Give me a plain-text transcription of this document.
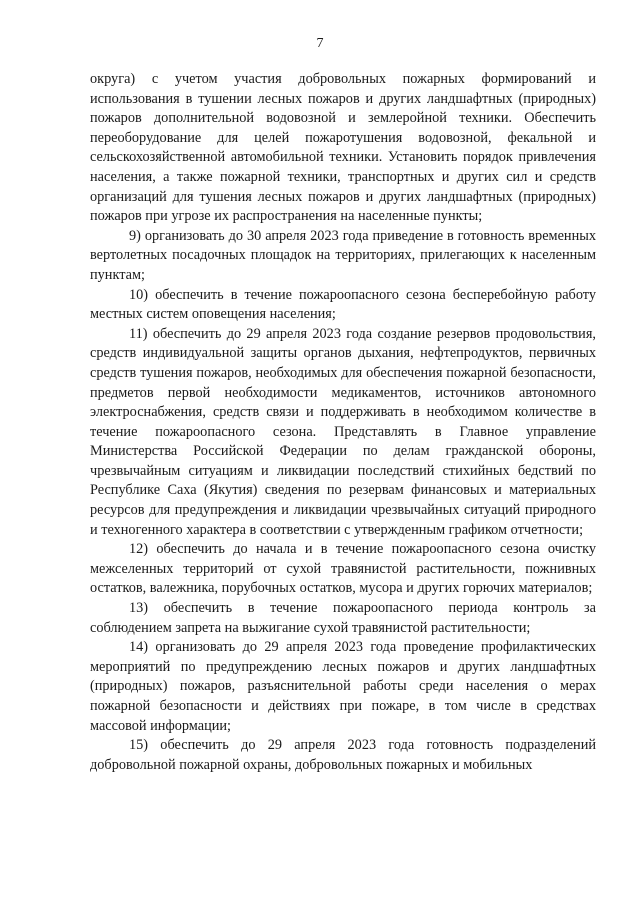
7

округа) с учетом участия добровольных пожарных формирований и использования в тушении лесных пожаров и других ландшафтных (природных) пожаров дополнительной водовозной и землеройной техники. Обеспечить переоборудование для целей пожаротушения водовозной, фекальной и сельскохозяйственной автомобильной техники. Установить порядок привлечения населения, а также пожарной техники, транспортных и других сил и средств организаций для тушения лесных пожаров и других ландшафтных (природных) пожаров при угрозе их распространения на населенные пункты;

9) организовать до 30 апреля 2023 года приведение в готовность временных вертолетных посадочных площадок на территориях, прилегающих к населенным пунктам;

10) обеспечить в течение пожароопасного сезона бесперебойную работу местных систем оповещения населения;

11) обеспечить до 29 апреля 2023 года создание резервов продовольствия, средств индивидуальной защиты органов дыхания, нефтепродуктов, первичных средств тушения пожаров, необходимых для обеспечения пожарной безопасности, предметов первой необходимости медикаментов, источников автономного электроснабжения, средств связи и поддерживать в необходимом количестве в течение пожароопасного сезона. Представлять в Главное управление Министерства Российской Федерации по делам гражданской обороны, чрезвычайным ситуациям и ликвидации последствий стихийных бедствий по Республике Саха (Якутия) сведения по резервам финансовых и материальных ресурсов для предупреждения и ликвидации чрезвычайных ситуаций природного и техногенного характера в соответствии с утвержденным графиком отчетности;

12) обеспечить до начала и в течение пожароопасного сезона очистку межселенных территорий от сухой травянистой растительности, пожнивных остатков, валежника, порубочных остатков, мусора и других горючих материалов;

13) обеспечить в течение пожароопасного периода контроль за соблюдением запрета на выжигание сухой травянистой растительности;

14) организовать до 29 апреля 2023 года проведение профилактических мероприятий по предупреждению лесных пожаров и других ландшафтных (природных) пожаров, разъяснительной работы среди населения о мерах пожарной безопасности и действиях при пожаре, в том числе в средствах массовой информации;

15) обеспечить до 29 апреля 2023 года готовность подразделений добровольной пожарной охраны, добровольных пожарных и мобильных
